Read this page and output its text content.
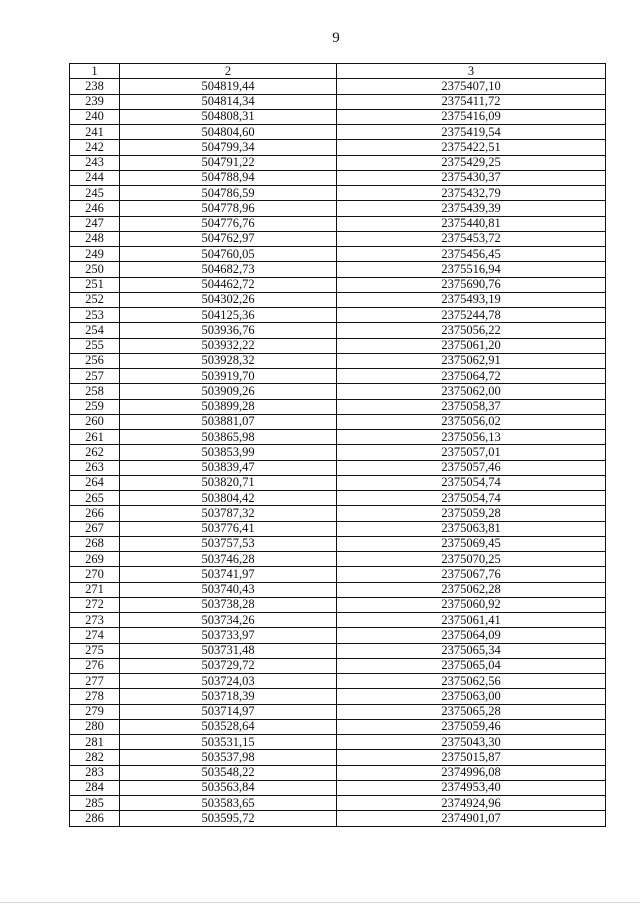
9
1	2	3
238	504819,44	2375407,10
239	504814,34	2375411,72
240	504808,31	2375416,09
241	504804,60	2375419,54
242	504799,34	2375422,51
243	504791,22	2375429,25
244	504788,94	2375430,37
245	504786,59	2375432,79
246	504778,96	2375439,39
247	504776,76	2375440,81
248	504762,97	2375453,72
249	504760,05	2375456,45
250	504682,73	2375516,94
251	504462,72	2375690,76
252	504302,26	2375493,19
253	504125,36	2375244,78
254	503936,76	2375056,22
255	503932,22	2375061,20
256	503928,32	2375062,91
257	503919,70	2375064,72
258	503909,26	2375062,00
259	503899,28	2375058,37
260	503881,07	2375056,02
261	503865,98	2375056,13
262	503853,99	2375057,01
263	503839,47	2375057,46
264	503820,71	2375054,74
265	503804,42	2375054,74
266	503787,32	2375059,28
267	503776,41	2375063,81
268	503757,53	2375069,45
269	503746,28	2375070,25
270	503741,97	2375067,76
271	503740,43	2375062,28
272	503738,28	2375060,92
273	503734,26	2375061,41
274	503733,97	2375064,09
275	503731,48	2375065,34
276	503729,72	2375065,04
277	503724,03	2375062,56
278	503718,39	2375063,00
279	503714,97	2375065,28
280	503528,64	2375059,46
281	503531,15	2375043,30
282	503537,98	2375015,87
283	503548,22	2374996,08
284	503563,84	2374953,40
285	503583,65	2374924,96
286	503595,72	2374901,07
